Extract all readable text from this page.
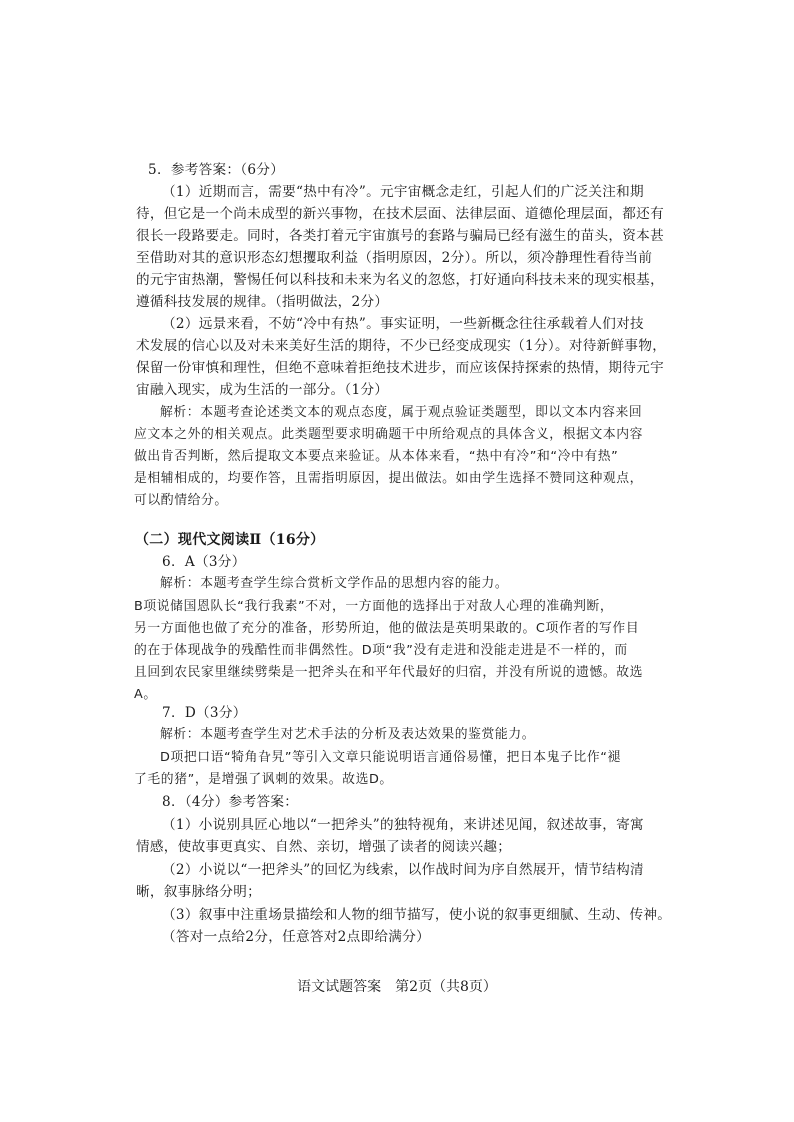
5．参考答案：（6分）
（1）近期而言，需要“热中有冷”。元宇宙概念走红，引起人们的广泛关注和期
待，但它是一个尚未成型的新兴事物，在技术层面、法律层面、道德伦理层面，都还有
很长一段路要走。同时，各类打着元宇宙旗号的套路与骗局已经有滋生的苗头，资本甚
至借助对其的意识形态幻想攫取利益（指明原因，2分）。所以，须冷静理性看待当前
的元宇宙热潮，警惕任何以科技和未来为名义的忽悠，打好通向科技未来的现实根基，
遵循科技发展的规律。（指明做法，2分）
（2）远景来看，不妨“冷中有热”。事实证明，一些新概念往往承载着人们对技
术发展的信心以及对未来美好生活的期待，不少已经变成现实（1分）。对待新鲜事物，
保留一份审慎和理性，但绝不意味着拒绝技术进步，而应该保持探索的热情，期待元宇
宙融入现实，成为生活的一部分。（1分）
解析：本题考查论述类文本的观点态度，属于观点验证类题型，即以文本内容来回
应文本之外的相关观点。此类题型要求明确题干中所给观点的具体含义，根据文本内容
做出肯否判断，然后提取文本要点来验证。从本体来看，“热中有冷”和“冷中有热”
是相辅相成的，均要作答，且需指明原因，提出做法。如由学生选择不赞同这种观点，
可以酌情给分。
（二）现代文阅读Ⅱ（16分）
6．A（3分）
解析：本题考查学生综合赏析文学作品的思想内容的能力。
B项说储国恩队长“我行我素”不对，一方面他的选择出于对敌人心理的准确判断，
另一方面他也做了充分的准备，形势所迫，他的做法是英明果敢的。C项作者的写作目
的在于体现战争的残酷性而非偶然性。D项“我”没有走进和没能走进是不一样的，而
且回到农民家里继续劈柴是一把斧头在和平年代最好的归宿，并没有所说的遗憾。故选
A。
7．D（3分）
解析：本题考查学生对艺术手法的分析及表达效果的鉴赏能力。
D项把口语“犄角旮旯”等引入文章只能说明语言通俗易懂，把日本鬼子比作“褪
了毛的猪”，是增强了讽刺的效果。故选D。
8．（4分）参考答案：
（1）小说别具匠心地以“一把斧头”的独特视角，来讲述见闻，叙述故事，寄寓
情感，使故事更真实、自然、亲切，增强了读者的阅读兴趣；
（2）小说以“一把斧头”的回忆为线索，以作战时间为序自然展开，情节结构清
晰，叙事脉络分明；
（3）叙事中注重场景描绘和人物的细节描写，使小说的叙事更细腻、生动、传神。
（答对一点给2分，任意答对2点即给满分）
语文试题答案　第2页（共8页）
